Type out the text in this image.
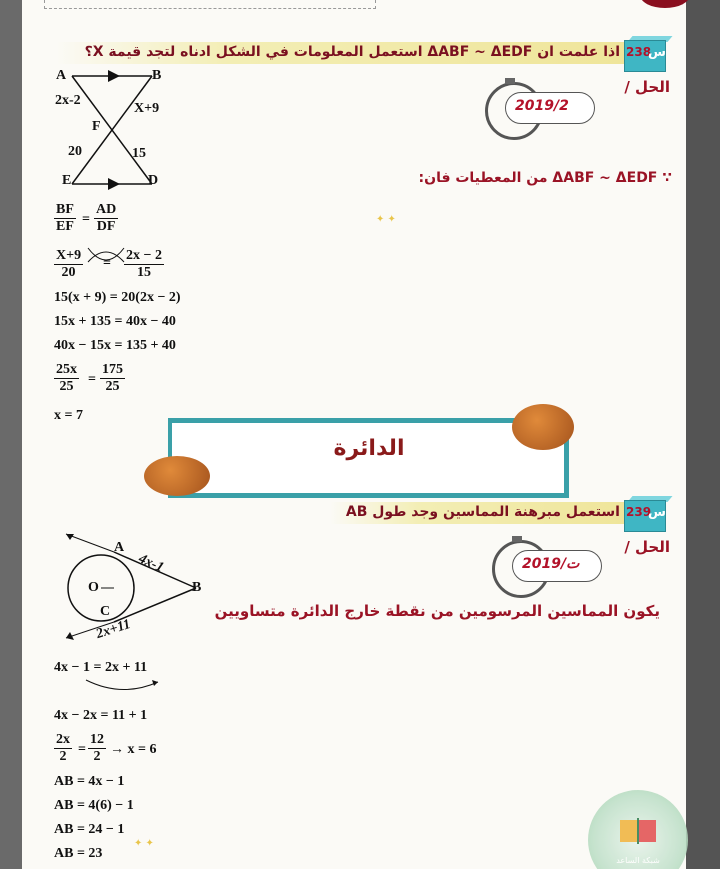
اذا علمت ان ΔABF ~ ΔEDF استعمل المعلومات في الشكل ادناه لتجد قيمة X؟ 238
س
الحل /
2019/2
A	B
F
E	D
2x-2
X+9
20	15
∵ ΔABF ~ ΔEDF من المعطيات فان:
✦ ✦
$\frac{BF}{EF} = \frac{AD}{DF}$
$\frac{X+9}{20} = \frac{2x - 2}{15}$
15(x + 9) = 20(2x − 2)
15x + 135 = 40x − 40
40x − 15x = 135 + 40
$\frac{25x}{25} = \frac{175}{25}$
x = 7
الدائرة
استعمل مبرهنة المماسين وجد طول AB 239
س
الحل /
2019/ت
يكون المماسين المرسومين من نقطة خارج الدائرة متساويين
A
B
C
O
4x-1
2x+11
4x − 1 = 2x + 11
4x − 2x = 11 + 1
$\frac{2x}{2} = \frac{12}{2} \to x = 6$
AB = 4x − 1
AB = 4(6) − 1
AB = 24 − 1
AB = 23
✦ ✦
شبكة الساعد
